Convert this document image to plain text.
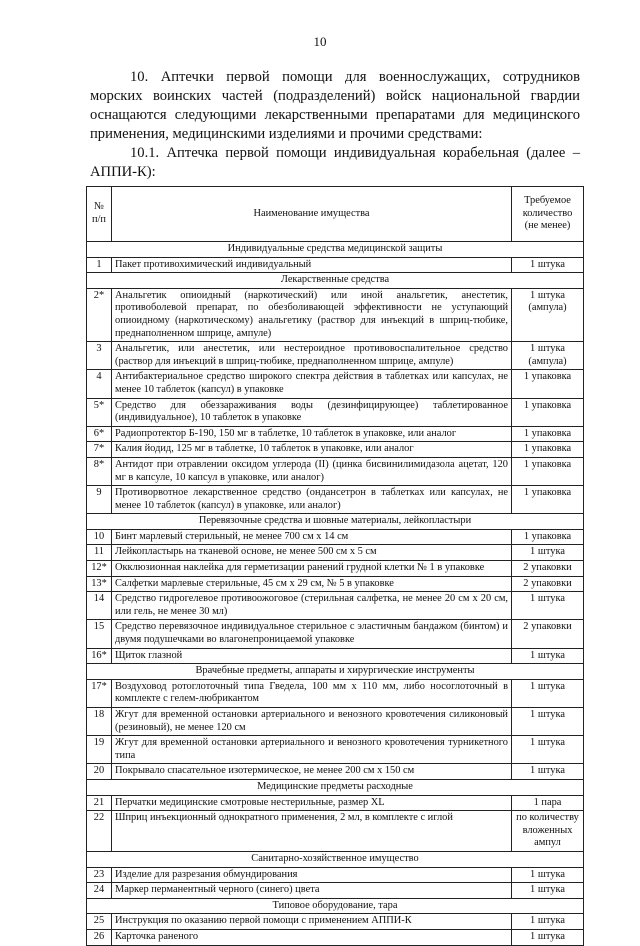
10

10. Аптечки первой помощи для военнослужащих, сотрудников морских воинских частей (подразделений) войск национальной гвардии оснащаются следующими лекарственными препаратами для медицинского применения, медицинскими изделиями и прочими средствами:

10.1. Аптечка первой помощи индивидуальная корабельная (далее – АППИ-К):

№ п/п	Наименование имущества	Требуемое количество (не менее)
Индивидуальные средства медицинской защиты		
1	Пакет противохимический индивидуальный	1 штука
Лекарственные средства		
2*	Анальгетик опиоидный (наркотический) или иной анальгетик, анестетик, противоболевой препарат, по обезболивающей эффективности не уступающий опиоидному (наркотическому) анальгетику (раствор для инъекций в шприц-тюбике, преднаполненном шприце, ампуле)	1 штука (ампула)
3	Анальгетик, или анестетик, или нестероидное противовоспалительное средство (раствор для инъекций в шприц-тюбике, преднаполненном шприце, ампуле)	1 штука (ампула)
4	Антибактериальное средство широкого спектра действия в таблетках или капсулах, не менее 10 таблеток (капсул) в упаковке	1 упаковка
5*	Средство для обеззараживания воды (дезинфицирующее) таблетированное (индивидуальное), 10 таблеток в упаковке	1 упаковка
6*	Радиопротектор Б-190, 150 мг в таблетке, 10 таблеток в упаковке, или аналог	1 упаковка
7*	Калия йодид, 125 мг в таблетке, 10 таблеток в упаковке, или аналог	1 упаковка
8*	Антидот при отравлении оксидом углерода (II) (цинка бисвинилимидазола ацетат, 120 мг в капсуле, 10 капсул в упаковке, или аналог)	1 упаковка
9	Противорвотное лекарственное средство (ондансетрон в таблетках или капсулах, не менее 10 таблеток (капсул) в упаковке, или аналог)	1 упаковка
Перевязочные средства и шовные материалы, лейкопластыри		
10	Бинт марлевый стерильный, не менее 700 см х 14 см	1 упаковка
11	Лейкопластырь на тканевой основе, не менее 500 см х 5 см	1 штука
12*	Окклюзионная наклейка для герметизации ранений грудной клетки № 1 в упаковке	2 упаковки
13*	Салфетки марлевые стерильные, 45 см х 29 см, № 5 в упаковке	2 упаковки
14	Средство гидрогелевое противоожоговое (стерильная салфетка, не менее 20 см х 20 см, или гель, не менее 30 мл)	1 штука
15	Средство перевязочное индивидуальное стерильное с эластичным бандажом (бинтом) и двумя подушечками во влагонепроницаемой упаковке	2 упаковки
16*	Щиток глазной	1 штука
Врачебные предметы, аппараты и хирургические инструменты		
17*	Воздуховод ротоглоточный типа Гведела, 100 мм х 110 мм, либо носоглоточный в комплекте с гелем-любрикантом	1 штука
18	Жгут для временной остановки артериального и венозного кровотечения силиконовый (резиновый), не менее 120 см	1 штука
19	Жгут для временной остановки артериального и венозного кровотечения турникетного типа	1 штука
20	Покрывало спасательное изотермическое, не менее 200 см х 150 см	1 штука
Медицинские предметы расходные		
21	Перчатки медицинские смотровые нестерильные, размер XL	1 пара
22	Шприц инъекционный однократного применения, 2 мл, в комплекте с иглой	по количеству вложенных ампул
Санитарно-хозяйственное имущество		
23	Изделие для разрезания обмундирования	1 штука
24	Маркер перманентный черного (синего) цвета	1 штука
Типовое оборудование, тара		
25	Инструкция по оказанию первой помощи с применением АППИ-К	1 штука
26	Карточка раненого	1 штука
